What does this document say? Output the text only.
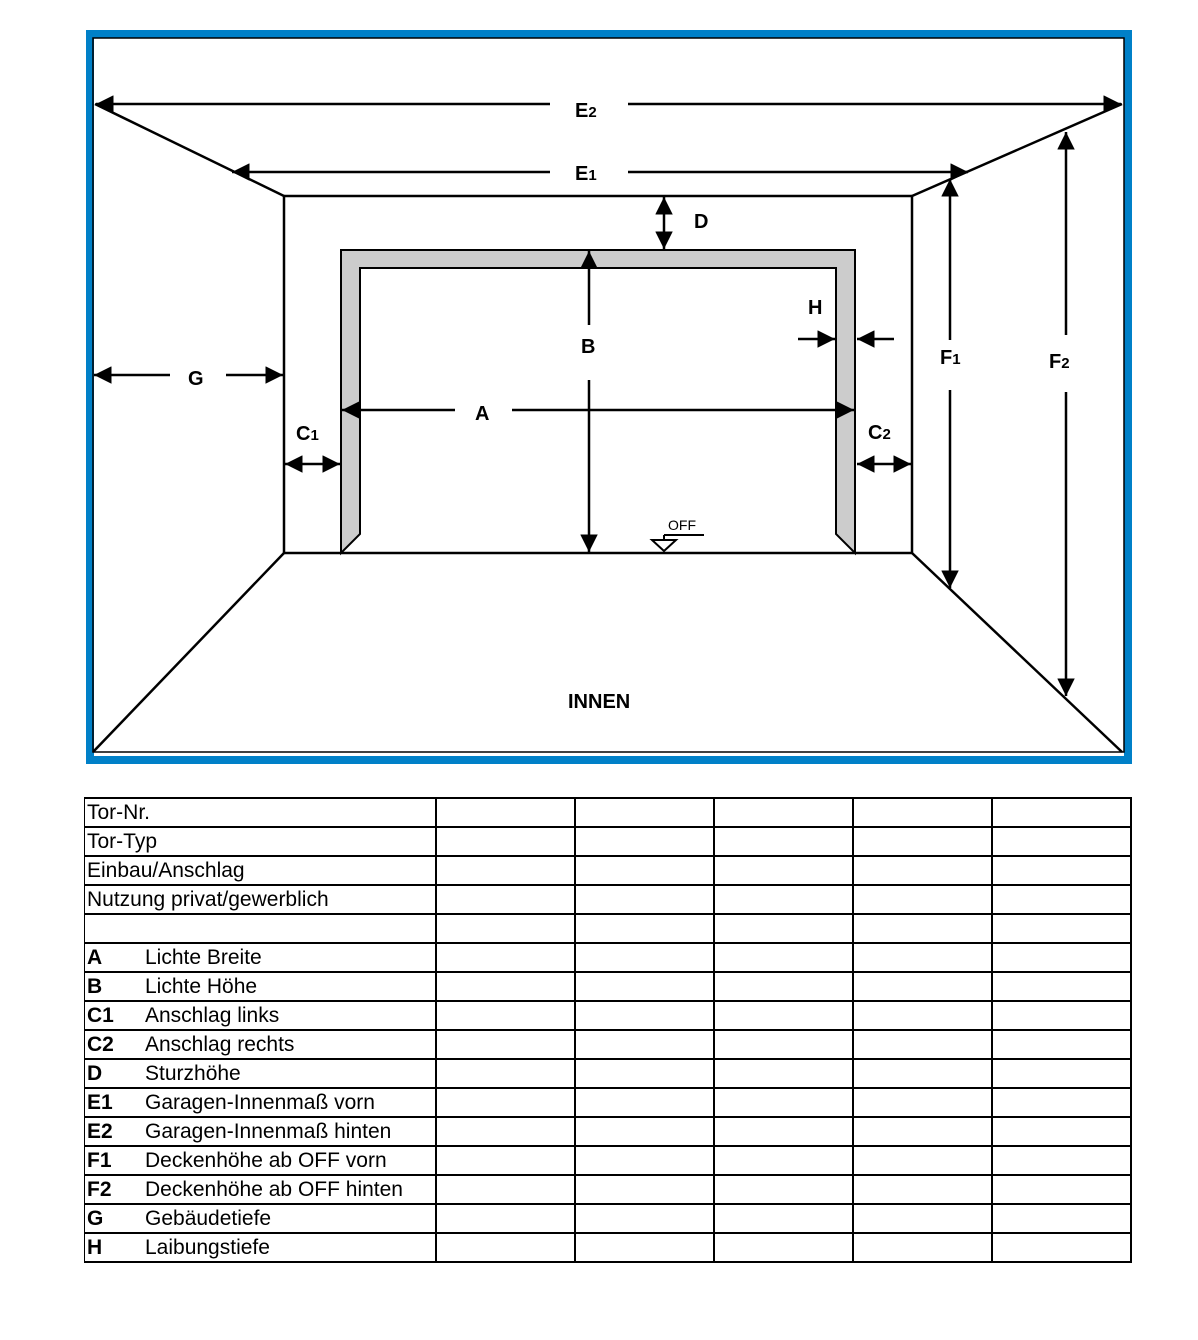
E2
E1
D
H
B	F1	F2
G
A
C1	C2
OFF
INNEN
Tor-Nr.					
Tor-Typ					
Einbau/Anschlag					
Nutzung privat/gewerblich					

A Lichte Breite					
B Lichte Höhe					
C1 Anschlag links					
C2 Anschlag rechts					
D Sturzhöhe					
E1 Garagen-Innenmaß vorn					
E2 Garagen-Innenmaß hinten					
F1 Deckenhöhe ab OFF vorn					
F2 Deckenhöhe ab OFF hinten					
G Gebäudetiefe					
H Laibungstiefe					
